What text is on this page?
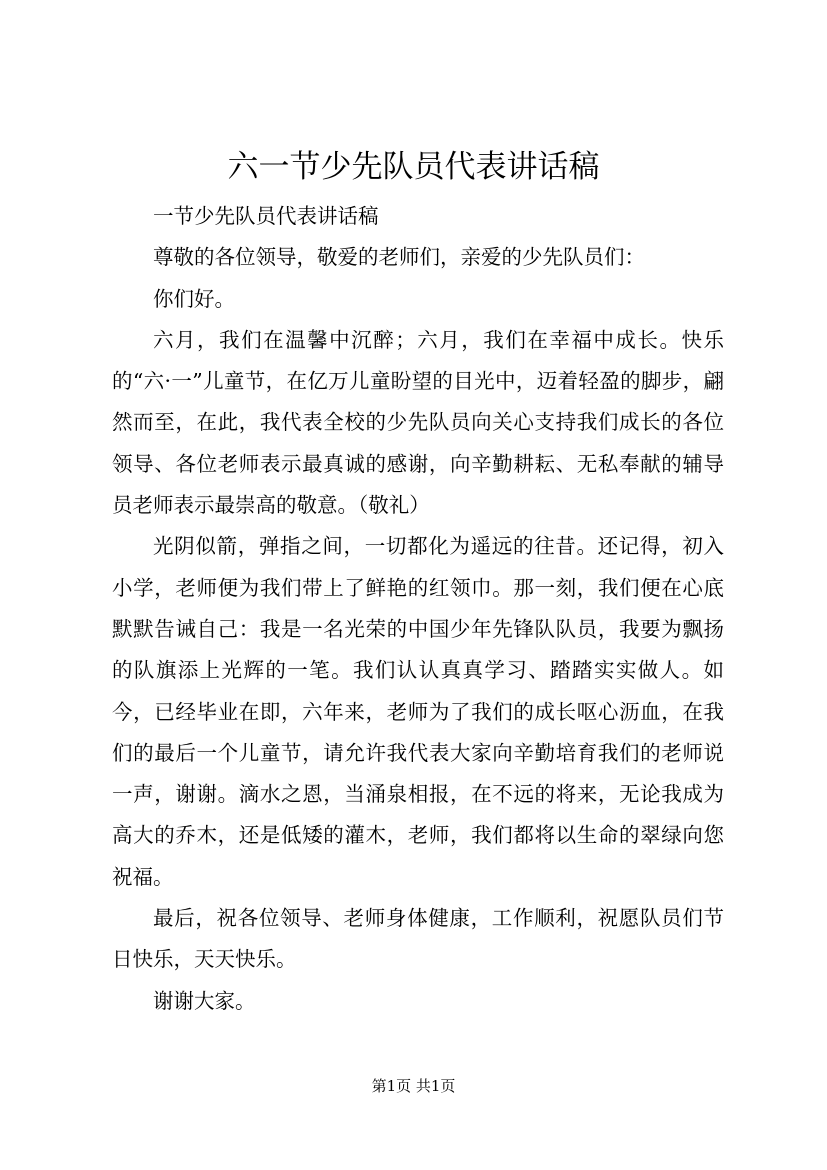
六一节少先队员代表讲话稿

一节少先队员代表讲话稿

尊敬的各位领导，敬爱的老师们，亲爱的少先队员们：

你们好。

六月，我们在温馨中沉醉；六月，我们在幸福中成长。快乐的“六·一”儿童节，在亿万儿童盼望的目光中，迈着轻盈的脚步，翩然而至，在此，我代表全校的少先队员向关心支持我们成长的各位领导、各位老师表示最真诚的感谢，向辛勤耕耘、无私奉献的辅导员老师表示最崇高的敬意。（敬礼）

光阴似箭，弹指之间，一切都化为遥远的往昔。还记得，初入小学，老师便为我们带上了鲜艳的红领巾。那一刻，我们便在心底默默告诫自己：我是一名光荣的中国少年先锋队队员，我要为飘扬的队旗添上光辉的一笔。我们认认真真学习、踏踏实实做人。如今，已经毕业在即，六年来，老师为了我们的成长呕心沥血，在我们的最后一个儿童节，请允许我代表大家向辛勤培育我们的老师说一声，谢谢。滴水之恩，当涌泉相报，在不远的将来，无论我成为高大的乔木，还是低矮的灌木，老师，我们都将以生命的翠绿向您祝福。

最后，祝各位领导、老师身体健康，工作顺利，祝愿队员们节日快乐，天天快乐。

谢谢大家。

第1页 共1页
